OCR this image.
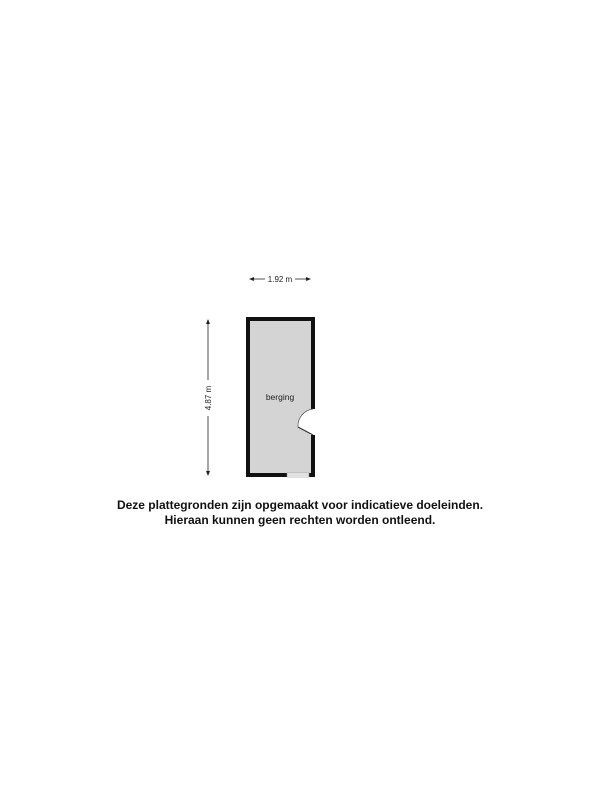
1.92 m
4.87 m	berging
Deze plattegronden zijn opgemaakt voor indicatieve doeleinden.
Hieraan kunnen geen rechten worden ontleend.
